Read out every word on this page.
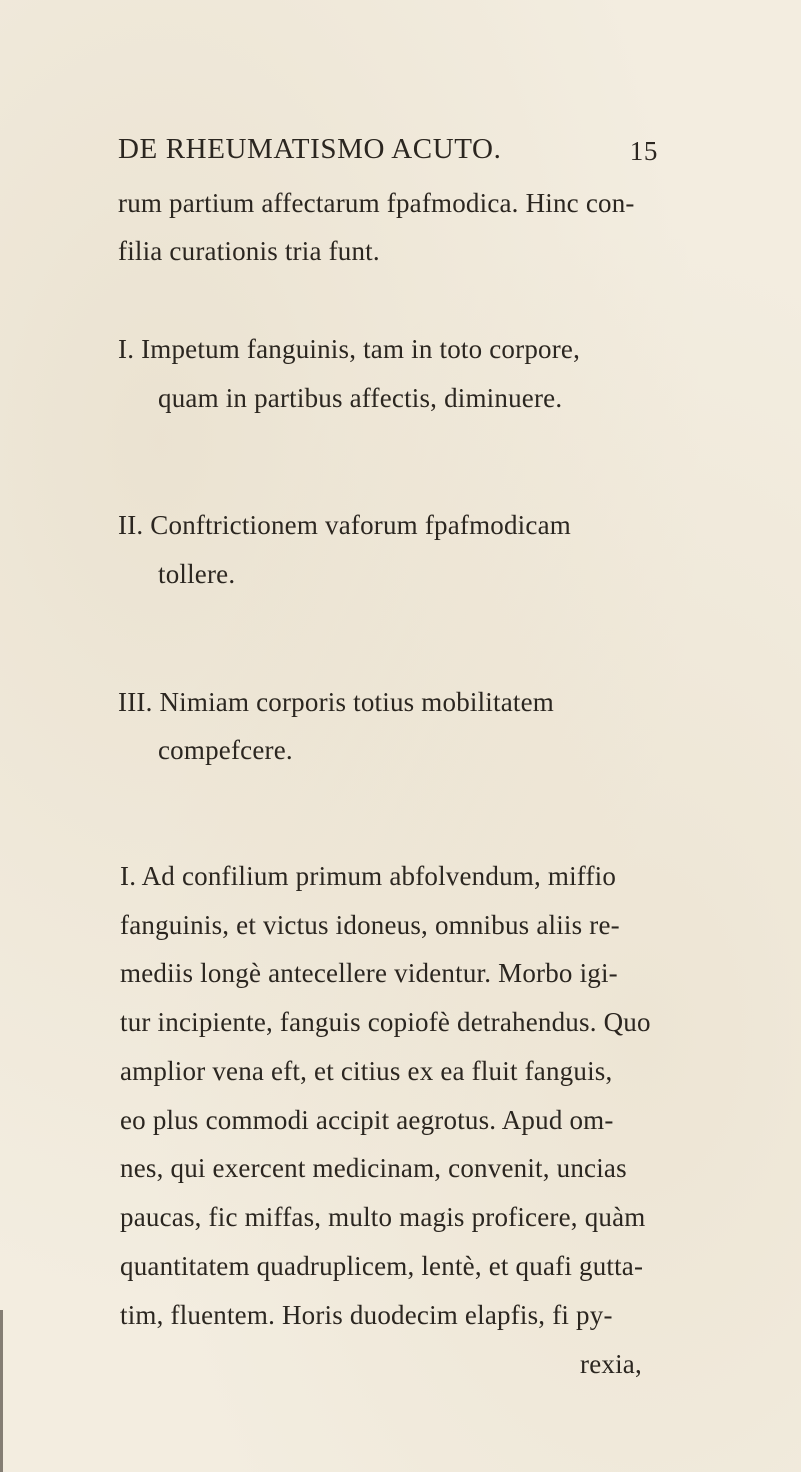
DE RHEUMATISMO ACUTO.	15
rum partium affectarum fpafmodica. Hinc con-
filia curationis tria funt.
I. Impetum fanguinis, tam in toto corpore,
quam in partibus affectis, diminuere.
II. Conftrictionem vaforum fpafmodicam
tollere.
III. Nimiam corporis totius mobilitatem
compefcere.
I. Ad confilium primum abfolvendum, miffio
fanguinis, et victus idoneus, omnibus aliis re-
mediis longè antecellere videntur. Morbo igi-
tur incipiente, fanguis copiofè detrahendus. Quo
amplior vena eft, et citius ex ea fluit fanguis,
eo plus commodi accipit aegrotus. Apud om-
nes, qui exercent medicinam, convenit, uncias
paucas, fic miffas, multo magis proficere, quàm
quantitatem quadruplicem, lentè, et quafi gutta-
tim, fluentem. Horis duodecim elapfis, fi py-
rexia,
